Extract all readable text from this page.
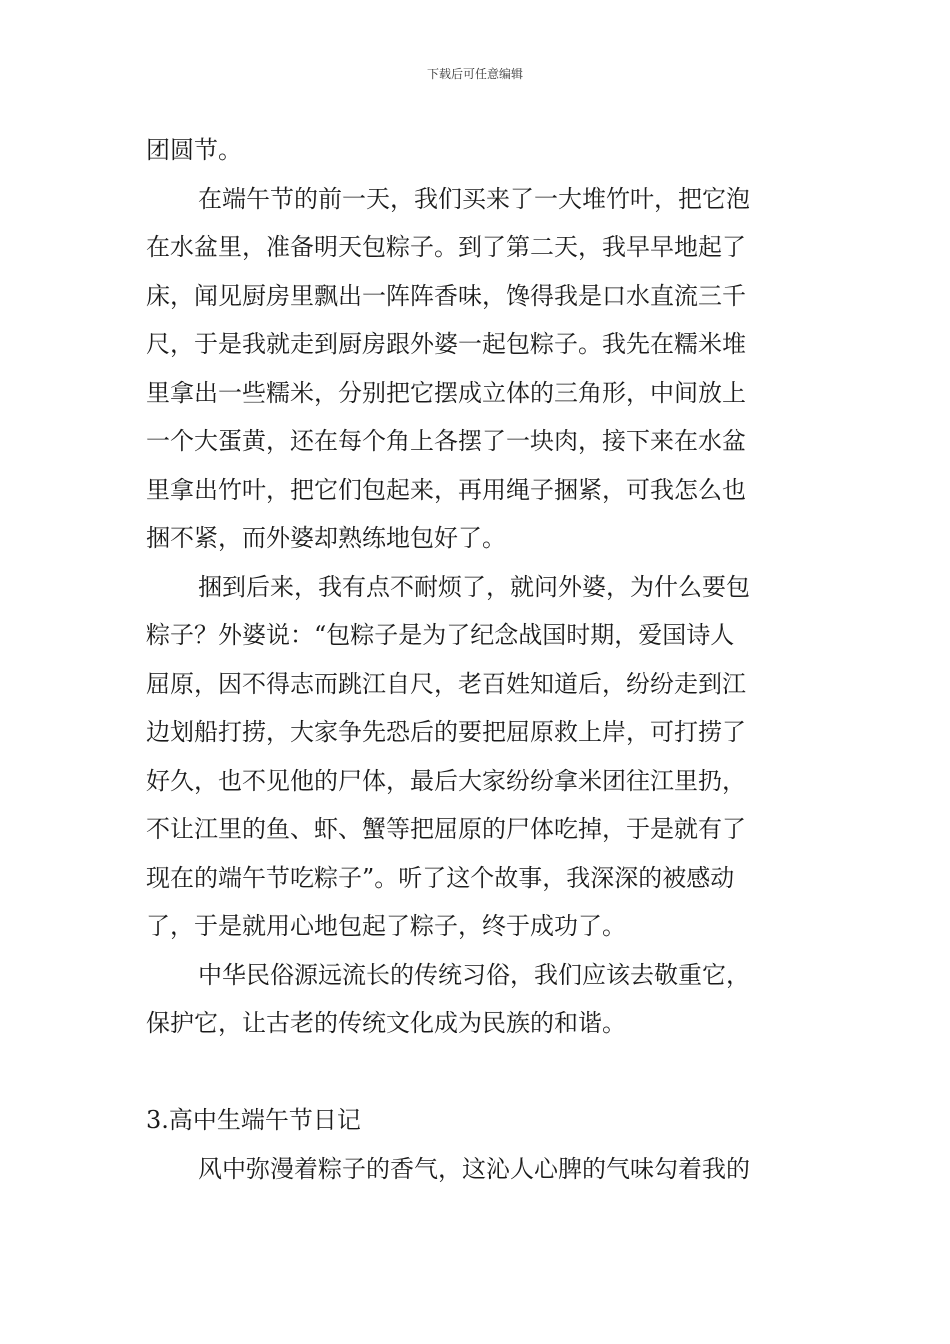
下载后可任意编辑
团圆节。
在端午节的前一天，我们买来了一大堆竹叶，把它泡
在水盆里，准备明天包粽子。到了第二天，我早早地起了
床，闻见厨房里飘出一阵阵香味，馋得我是口水直流三千
尺，于是我就走到厨房跟外婆一起包粽子。我先在糯米堆
里拿出一些糯米，分别把它摆成立体的三角形，中间放上
一个大蛋黄，还在每个角上各摆了一块肉，接下来在水盆
里拿出竹叶，把它们包起来，再用绳子捆紧，可我怎么也
捆不紧，而外婆却熟练地包好了。
捆到后来，我有点不耐烦了，就问外婆，为什么要包
粽子？外婆说：“包粽子是为了纪念战国时期，爱国诗人
屈原，因不得志而跳江自尺，老百姓知道后，纷纷走到江
边划船打捞，大家争先恐后的要把屈原救上岸，可打捞了
好久，也不见他的尸体，最后大家纷纷拿米团往江里扔，
不让江里的鱼、虾、蟹等把屈原的尸体吃掉，于是就有了
现在的端午节吃粽子”。听了这个故事，我深深的被感动
了，于是就用心地包起了粽子，终于成功了。
中华民俗源远流长的传统习俗，我们应该去敬重它，
保护它，让古老的传统文化成为民族的和谐。
3.高中生端午节日记
风中弥漫着粽子的香气，这沁人心脾的气味勾着我的
